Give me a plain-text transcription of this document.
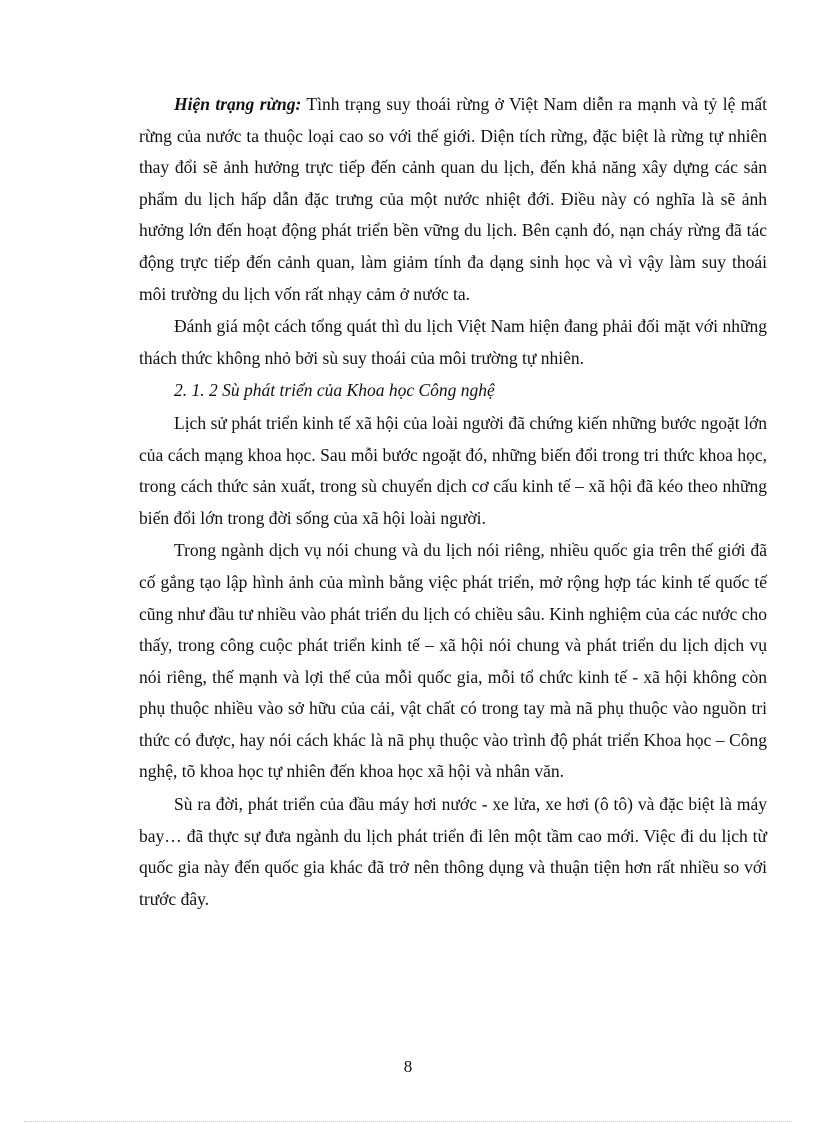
Hiện trạng rừng: Tình trạng suy thoái rừng ở Việt Nam diễn ra mạnh và tỷ lệ mất rừng của nước ta thuộc loại cao so với thế giới. Diện tích rừng, đặc biệt là rừng tự nhiên thay đổi sẽ ảnh hưởng trực tiếp đến cảnh quan du lịch, đến khả năng xây dựng các sản phẩm du lịch hấp dẫn đặc trưng của một nước nhiệt đới. Điều này có nghĩa là sẽ ảnh hưởng lớn đến hoạt động phát triển bền vững du lịch. Bên cạnh đó, nạn cháy rừng đã tác động trực tiếp đến cảnh quan, làm giảm tính đa dạng sinh học và vì vậy làm suy thoái môi trường du lịch vốn rất nhạy cảm ở nước ta.

Đánh giá một cách tổng quát thì du lịch Việt Nam hiện đang phải đối mặt với những thách thức không nhỏ bởi sù suy thoái của môi trường tự nhiên.

2. 1. 2 Sù phát triển của Khoa học Công nghệ

Lịch sử phát triển kinh tế xã hội của loài người đã chứng kiến những bước ngoặt lớn của cách mạng khoa học. Sau mỗi bước ngoặt đó, những biến đổi trong tri thức khoa học, trong cách thức sản xuất, trong sù chuyển dịch cơ cấu kinh tế – xã hội đã kéo theo những biến đổi lớn trong đời sống của xã hội loài người.

Trong ngành dịch vụ nói chung và du lịch nói riêng, nhiều quốc gia trên thế giới đã cố gắng tạo lập hình ảnh của mình bằng việc phát triển, mở rộng hợp tác kinh tế quốc tế cũng như đầu tư nhiều vào phát triển du lịch có chiều sâu. Kinh nghiệm của các nước cho thấy, trong công cuộc phát triển kinh tế – xã hội nói chung và phát triển du lịch dịch vụ nói riêng, thế mạnh và lợi thế của mỗi quốc gia, mỗi tổ chức kinh tế - xã hội không còn phụ thuộc nhiều vào sở hữu của cải, vật chất có trong tay mà nã phụ thuộc vào nguồn tri thức có được, hay nói cách khác là nã phụ thuộc vào trình độ phát triển Khoa học – Công nghệ, tõ khoa học tự nhiên đến khoa học xã hội và nhân văn.

Sù ra đời, phát triển của đầu máy hơi nước - xe lửa, xe hơi (ô tô) và đặc biệt là máy bay… đã thực sự đưa ngành du lịch phát triển đi lên một tầm cao mới. Việc đi du lịch từ quốc gia này đến quốc gia khác đã trở nên thông dụng và thuận tiện hơn rất nhiều so với trước đây.

8
